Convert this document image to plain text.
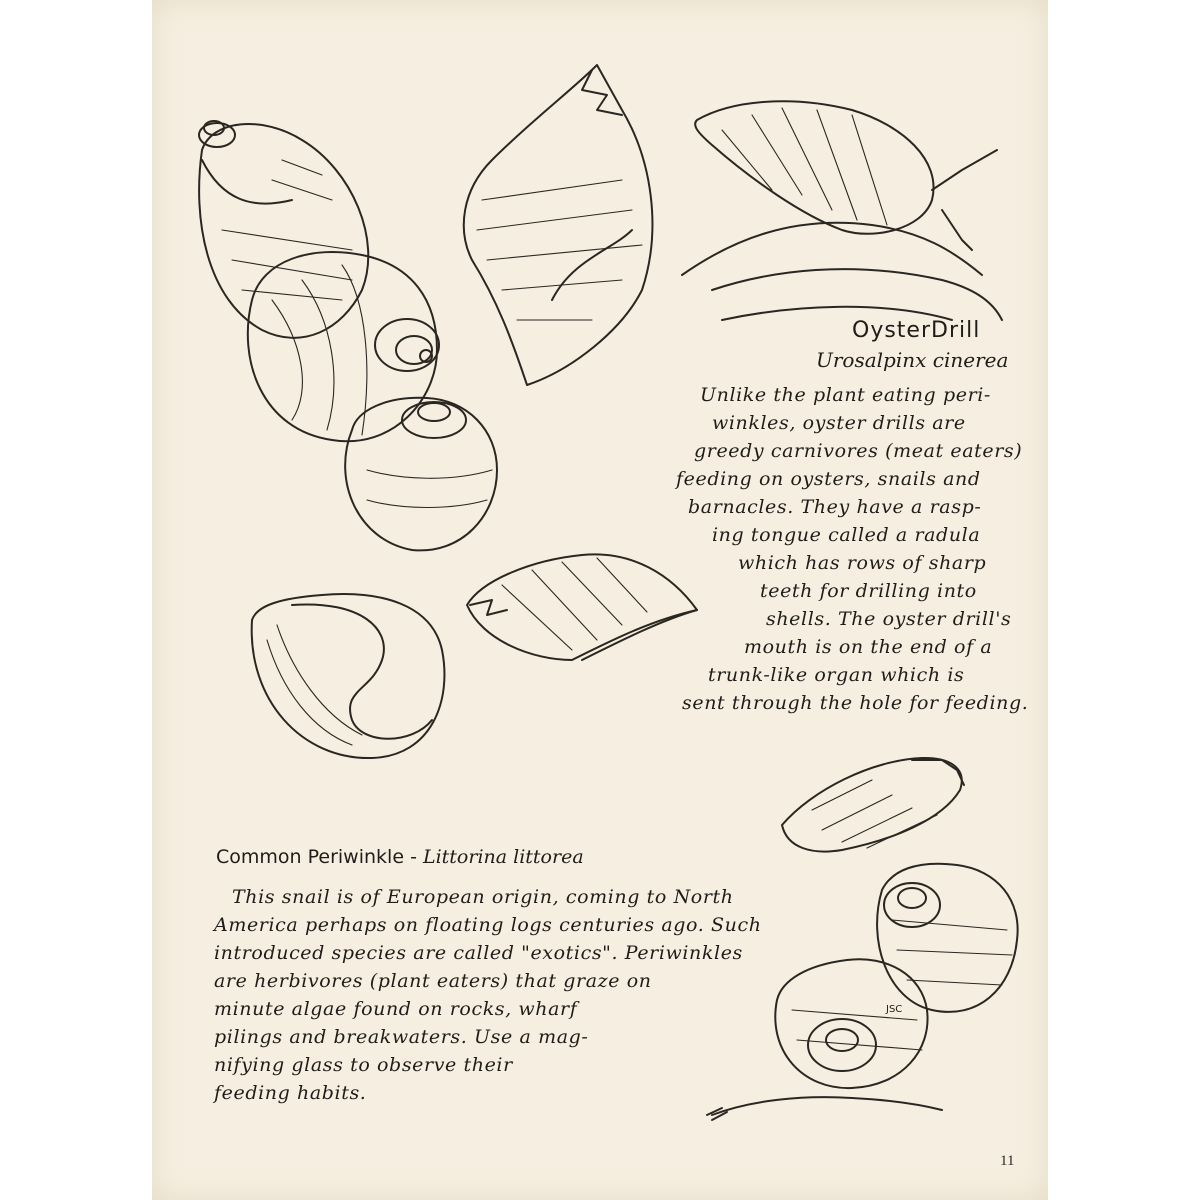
OysterDrill

Urosalpinx cinerea

Unlike the plant eating peri-

winkles, oyster drills are

greedy carnivores (meat eaters)

feeding on oysters, snails and

barnacles. They have a rasp-

ing tongue called a radula

which has rows of sharp

teeth for drilling into

shells. The oyster drill's

mouth is on the end of a

trunk-like organ which is

sent through the hole for feeding.

Common Periwinkle - Littorina littorea

This snail is of European origin, coming to North

America perhaps on floating logs centuries ago. Such

introduced species are called "exotics". Periwinkles

are herbivores (plant eaters) that graze on

minute algae found on rocks, wharf

pilings and breakwaters. Use a mag-

nifying glass to observe their

feeding habits.

JSC

11
